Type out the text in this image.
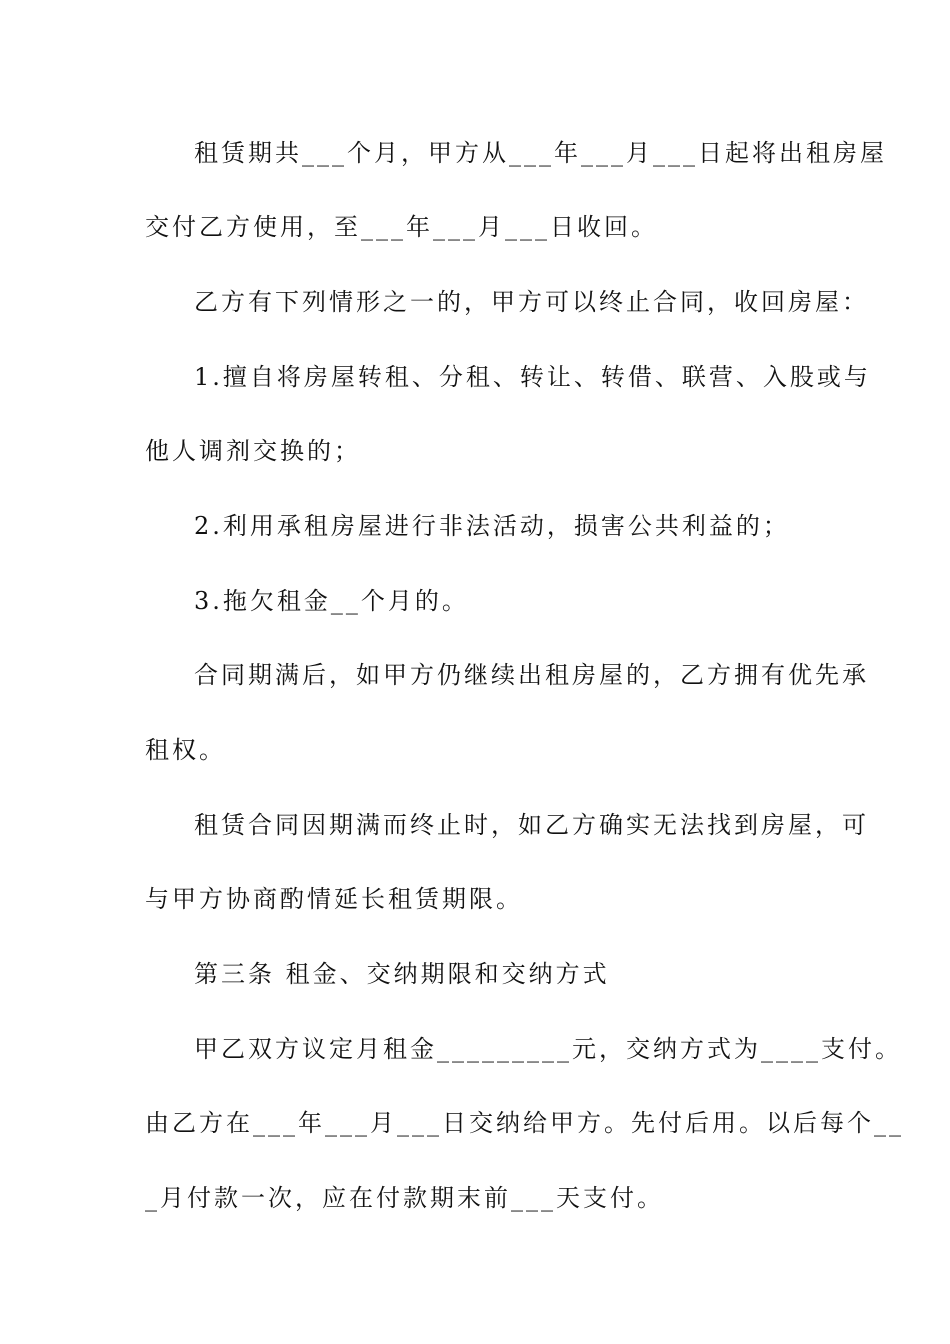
租赁期共___个月，甲方从___年___月___日起将出租房屋
交付乙方使用，至___年___月___日收回。
乙方有下列情形之一的，甲方可以终止合同，收回房屋：
1.擅自将房屋转租、分租、转让、转借、联营、入股或与
他人调剂交换的；
2.利用承租房屋进行非法活动，损害公共利益的；
3.拖欠租金__个月的。
合同期满后，如甲方仍继续出租房屋的，乙方拥有优先承
租权。
租赁合同因期满而终止时，如乙方确实无法找到房屋，可
与甲方协商酌情延长租赁期限。
第三条 租金、交纳期限和交纳方式
甲乙双方议定月租金_________元，交纳方式为____支付。
由乙方在___年___月___日交纳给甲方。先付后用。以后每个__
_月付款一次，应在付款期末前___天支付。
